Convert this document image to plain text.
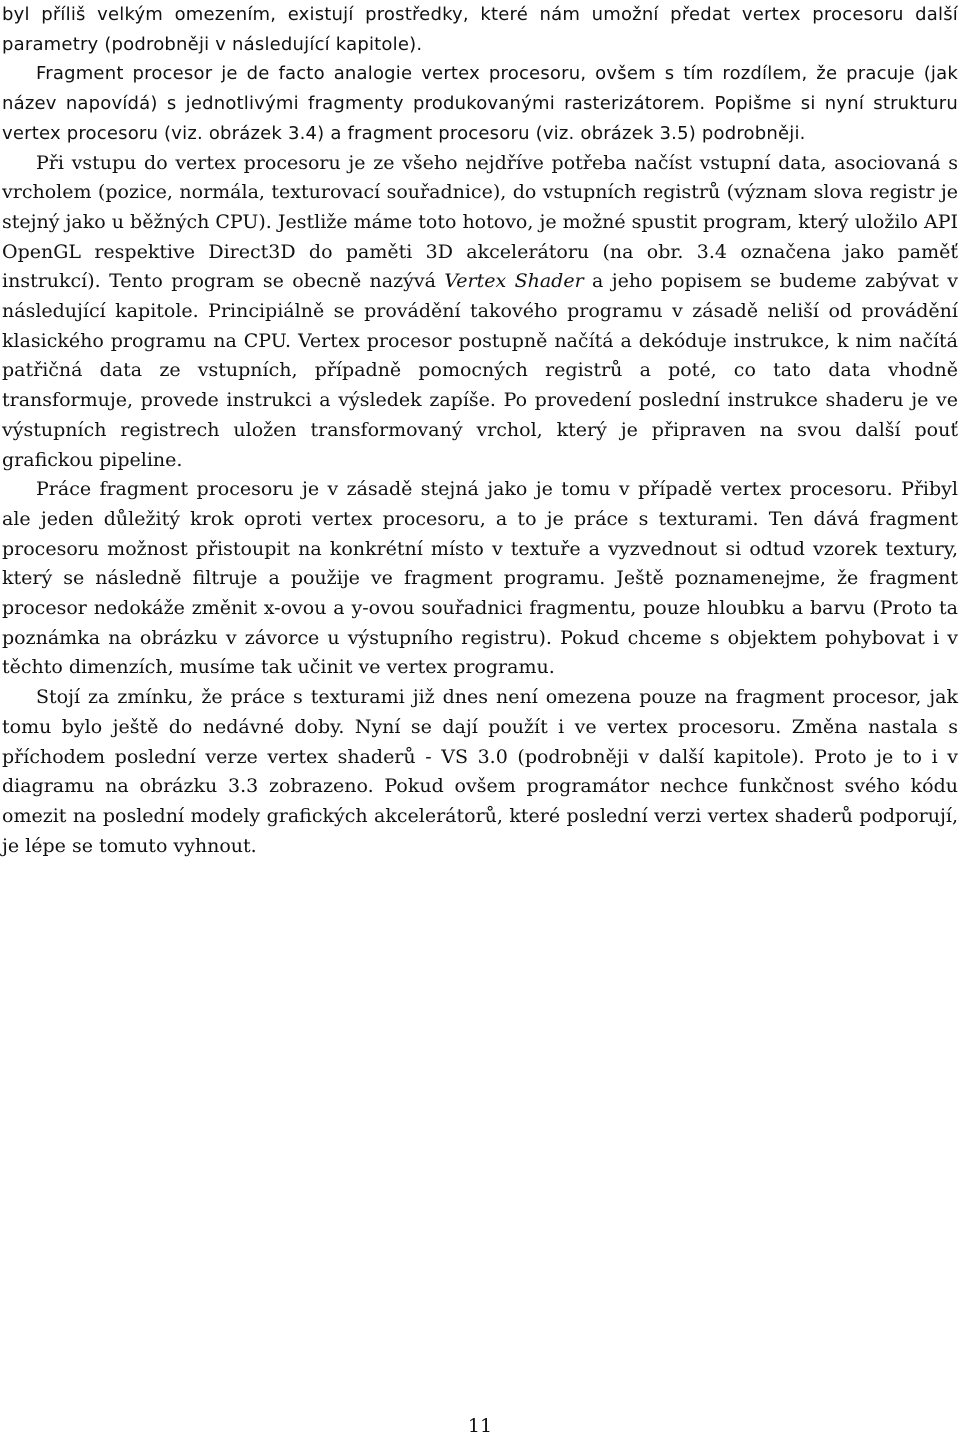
byl příliš velkým omezením, existují prostředky, které nám umožní předat vertex procesoru další parametry (podrobněji v následující kapitole).

Fragment procesor je de facto analogie vertex procesoru, ovšem s tím rozdílem, že pracuje (jak název napovídá) s jednotlivými fragmenty produkovanými rasterizátorem. Popišme si nyní strukturu vertex procesoru (viz. obrázek 3.4) a fragment procesoru (viz. obrázek 3.5) podrobněji.

Při vstupu do vertex procesoru je ze všeho nejdříve potřeba načíst vstupní data, asociovaná s vrcholem (pozice, normála, texturovací souřadnice), do vstupních registrů (význam slova registr je stejný jako u běžných CPU). Jestliže máme toto hotovo, je možné spustit program, který uložilo API OpenGL respektive Direct3D do paměti 3D akcelerátoru (na obr. 3.4 označena jako paměť instrukcí). Tento program se obecně nazývá Vertex Shader a jeho popisem se budeme zabývat v následující kapitole. Principiálně se provádění takového programu v zásadě neliší od provádění klasického programu na CPU. Vertex procesor postupně načítá a dekóduje instrukce, k nim načítá patřičná data ze vstupních, případně pomocných registrů a poté, co tato data vhodně transformuje, provede instrukci a výsledek zapíše. Po provedení poslední instrukce shaderu je ve výstupních registrech uložen transformovaný vrchol, který je připraven na svou další pouť grafickou pipeline.

Práce fragment procesoru je v zásadě stejná jako je tomu v případě vertex procesoru. Přibyl ale jeden důležitý krok oproti vertex procesoru, a to je práce s texturami. Ten dává fragment procesoru možnost přistoupit na konkrétní místo v textuře a vyzvednout si odtud vzorek textury, který se následně filtruje a použije ve fragment programu. Ještě poznamenejme, že fragment procesor nedokáže změnit x-ovou a y-ovou souřadnici fragmentu, pouze hloubku a barvu (Proto ta poznámka na obrázku v závorce u výstupního registru). Pokud chceme s objektem pohybovat i v těchto dimenzích, musíme tak učinit ve vertex programu.

Stojí za zmínku, že práce s texturami již dnes není omezena pouze na fragment procesor, jak tomu bylo ještě do nedávné doby. Nyní se dají použít i ve vertex procesoru. Změna nastala s příchodem poslední verze vertex shaderů - VS 3.0 (podrobněji v další kapitole). Proto je to i v diagramu na obrázku 3.3 zobrazeno. Pokud ovšem programátor nechce funkčnost svého kódu omezit na poslední modely grafických akcelerátorů, které poslední verzi vertex shaderů podporují, je lépe se tomuto vyhnout.

11
